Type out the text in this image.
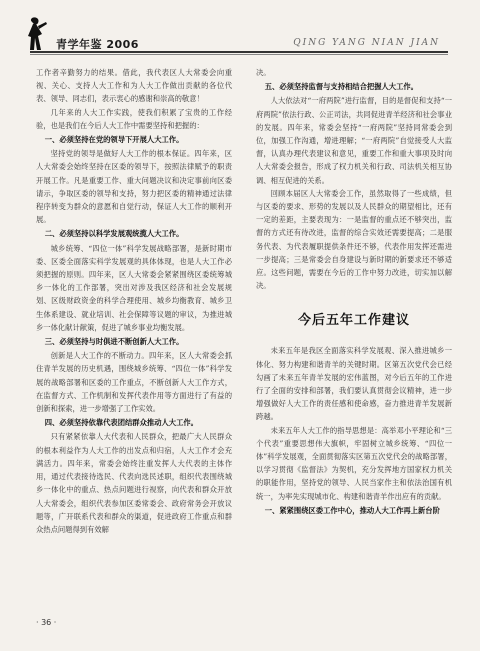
青学年鉴 2006	QING YANG NIAN JIAN

工作者辛勤努力的结果。借此，我代表区人大常委会向重视、关心、支持人大工作和为人大工作做出贡献的各位代表、领导、同志们，表示衷心的感谢和崇高的敬意！

几年来的人大工作实践，使我们积累了宝贵的工作经验，也是我们在今后人大工作中需要坚持和把握的：

一、必须坚持在党的领导下开展人大工作。

坚持党的领导是做好人大工作的根本保证。四年来，区人大常委会始终坚持在区委的领导下，按照法律赋予的职责开展工作。凡是重要工作、重大问题决议和决定事前向区委请示，争取区委的领导和支持，努力把区委的精神通过法律程序转变为群众的意愿和自觉行动，保证人大工作的顺利开展。

二、必须坚持以科学发展观统揽人大工作。

城乡统筹、“四位一体”科学发展战略部署，是新时期市委、区委全面落实科学发展观的具体体现，也是人大工作必须把握的原则。四年来，区人大常委会紧紧围绕区委统筹城乡一体化的工作部署，突出对涉及我区经济和社会发展规划、区级财政资金的科学合理使用、城乡均衡教育、城乡卫生体系建设、就业培训、社会保障等议题的审议，为推进城乡一体化献计献策，促进了城乡事业均衡发展。

三、必须坚持与时俱进不断创新人大工作。

创新是人大工作的不断动力。四年来，区人大常委会抓住青羊发展的历史机遇，围绕城乡统筹、“四位一体”科学发展的战略部署和区委的工作重点，不断创新人大工作方式，在监督方式、工作机制和发挥代表作用等方面进行了有益的创新和探索，进一步增强了工作实效。

四、必须坚持依靠代表团结群众推动人大工作。

只有紧紧依靠人大代表和人民群众，把最广大人民群众的根本利益作为人大工作的出发点和归宿，人大工作才会充满活力。四年来，常委会始终注重发挥人大代表的主体作用，通过代表接待选民、代表向选民述职，组织代表围绕城乡一体化中的重点、热点问题进行视察，向代表和群众开放人大常委会，组织代表参加区委常委会、政府常务会开放议题等，广开联系代表和群众的渠道，促进政府工作重点和群众热点问题得到有效解

决。

五、必须坚持监督与支持相结合把握人大工作。

人大依法对“一府两院”进行监督，目的是督促和支持“一府两院”依法行政、公正司法，共同促进青羊经济和社会事业的发展。四年来，常委会坚持“一府两院”坚持同常委会到位，加强工作沟通，增进理解；“一府两院”自觉接受人大监督，认真办理代表建议和意见，重要工作和重大事项及时向人大常委会报告，形成了权力机关和行政、司法机关相互协调、相互促进的关系。

回顾本届区人大常委会工作，虽然取得了一些成绩，但与区委的要求、形势的发展以及人民群众的期望相比，还有一定的差距，主要表现为：一是监督的重点还不够突出，监督的方式还有待改进，监督的综合实效还需要提高；二是服务代表、为代表履职提供条件还不够，代表作用发挥还需进一步提高；三是常委会自身建设与新时期的新要求还不够适应。这些问题，需要在今后的工作中努力改进，切实加以解决。

今后五年工作建议

未来五年是我区全面落实科学发展观、深入推进城乡一体化、努力构建和谐青羊的关键时期。区第五次党代会已经勾画了未来五年青羊发展的宏伟蓝图，对今后五年的工作进行了全面的安排和部署，我们要认真贯彻会议精神，进一步增强做好人大工作的责任感和使命感，奋力推进青羊发展新跨越。

未来五年人大工作的指导思想是：高举邓小平理论和“三个代表”重要思想伟大旗帜，牢固树立城乡统筹、“四位一体”科学发展观，全面贯彻落实区第五次党代会的战略部署，以学习贯彻《监督法》为契机，充分发挥地方国家权力机关的职能作用，坚持党的领导、人民当家作主和依法治国有机统一，为率先实现城市化、构建和谐青羊作出应有的贡献。

一、紧紧围绕区委工作中心，推动人大工作再上新台阶
· 36 ·
